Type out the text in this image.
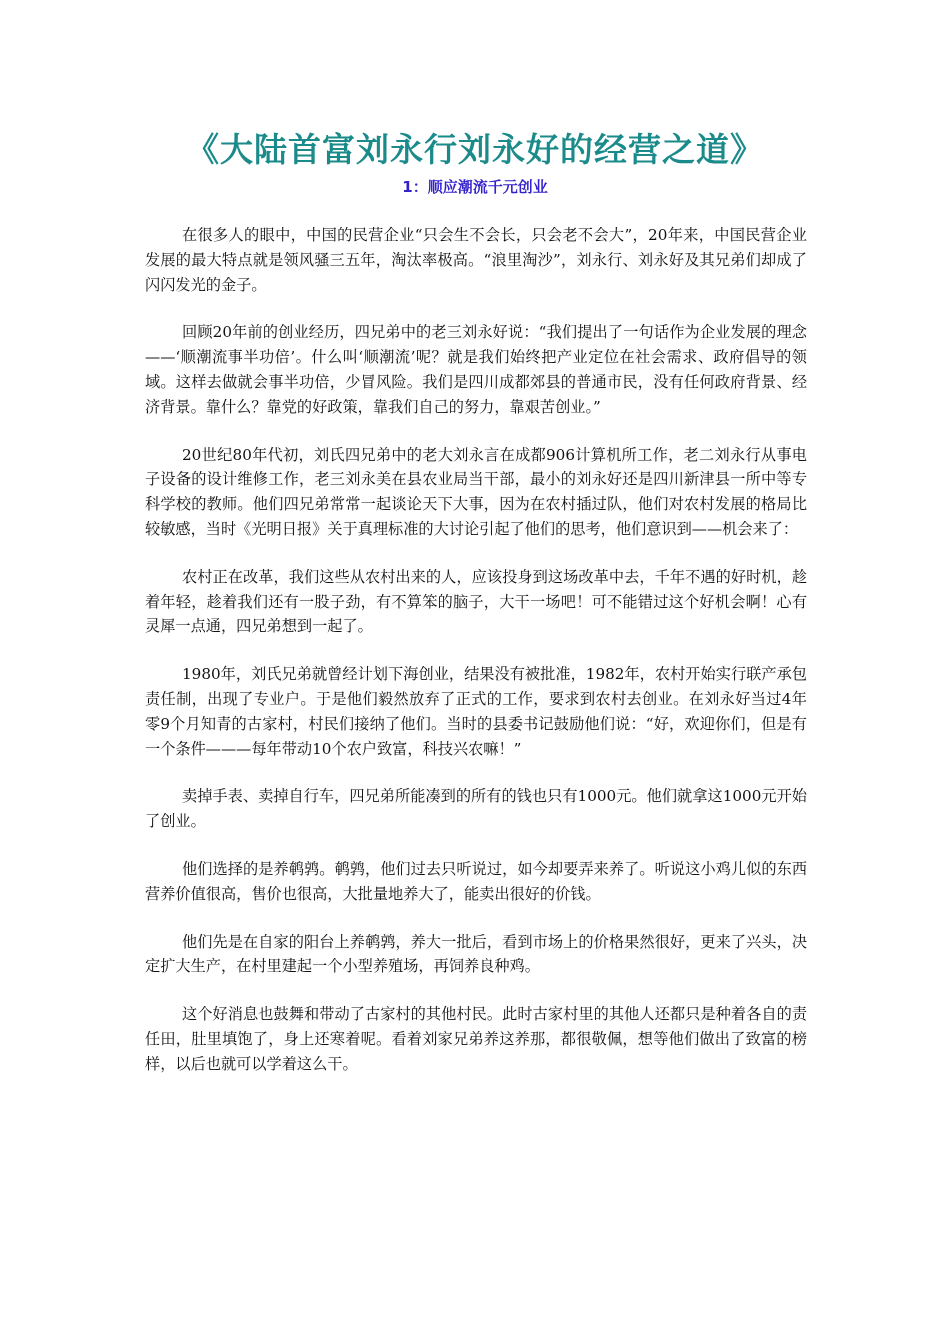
《大陆首富刘永行刘永好的经营之道》
1：顺应潮流千元创业

在很多人的眼中，中国的民营企业“只会生不会长，只会老不会大”，20年来，中国民营企业发展的最大特点就是领风骚三五年，淘汰率极高。“浪里淘沙”，刘永行、刘永好及其兄弟们却成了闪闪发光的金子。

回顾20年前的创业经历，四兄弟中的老三刘永好说：“我们提出了一句话作为企业发展的理念——‘顺潮流事半功倍’。什么叫‘顺潮流’呢？就是我们始终把产业定位在社会需求、政府倡导的领域。这样去做就会事半功倍，少冒风险。我们是四川成都郊县的普通市民，没有任何政府背景、经济背景。靠什么？靠党的好政策，靠我们自己的努力，靠艰苦创业。”

20世纪80年代初，刘氏四兄弟中的老大刘永言在成都906计算机所工作，老二刘永行从事电子设备的设计维修工作，老三刘永美在县农业局当干部，最小的刘永好还是四川新津县一所中等专科学校的教师。他们四兄弟常常一起谈论天下大事，因为在农村插过队，他们对农村发展的格局比较敏感，当时《光明日报》关于真理标准的大讨论引起了他们的思考，他们意识到——机会来了：

农村正在改革，我们这些从农村出来的人，应该投身到这场改革中去，千年不遇的好时机，趁着年轻，趁着我们还有一股子劲，有不算笨的脑子，大干一场吧！可不能错过这个好机会啊！心有灵犀一点通，四兄弟想到一起了。

1980年，刘氏兄弟就曾经计划下海创业，结果没有被批准，1982年，农村开始实行联产承包责任制，出现了专业户。于是他们毅然放弃了正式的工作，要求到农村去创业。在刘永好当过4年零9个月知青的古家村，村民们接纳了他们。当时的县委书记鼓励他们说：“好，欢迎你们，但是有一个条件———每年带动10个农户致富，科技兴农嘛！”

卖掉手表、卖掉自行车，四兄弟所能凑到的所有的钱也只有1000元。他们就拿这1000元开始了创业。

他们选择的是养鹌鹑。鹌鹑，他们过去只听说过，如今却要弄来养了。听说这小鸡儿似的东西营养价值很高，售价也很高，大批量地养大了，能卖出很好的价钱。

他们先是在自家的阳台上养鹌鹑，养大一批后，看到市场上的价格果然很好，更来了兴头，决定扩大生产，在村里建起一个小型养殖场，再饲养良种鸡。

这个好消息也鼓舞和带动了古家村的其他村民。此时古家村里的其他人还都只是种着各自的责任田，肚里填饱了，身上还寒着呢。看着刘家兄弟养这养那，都很敬佩，想等他们做出了致富的榜样，以后也就可以学着这么干。
